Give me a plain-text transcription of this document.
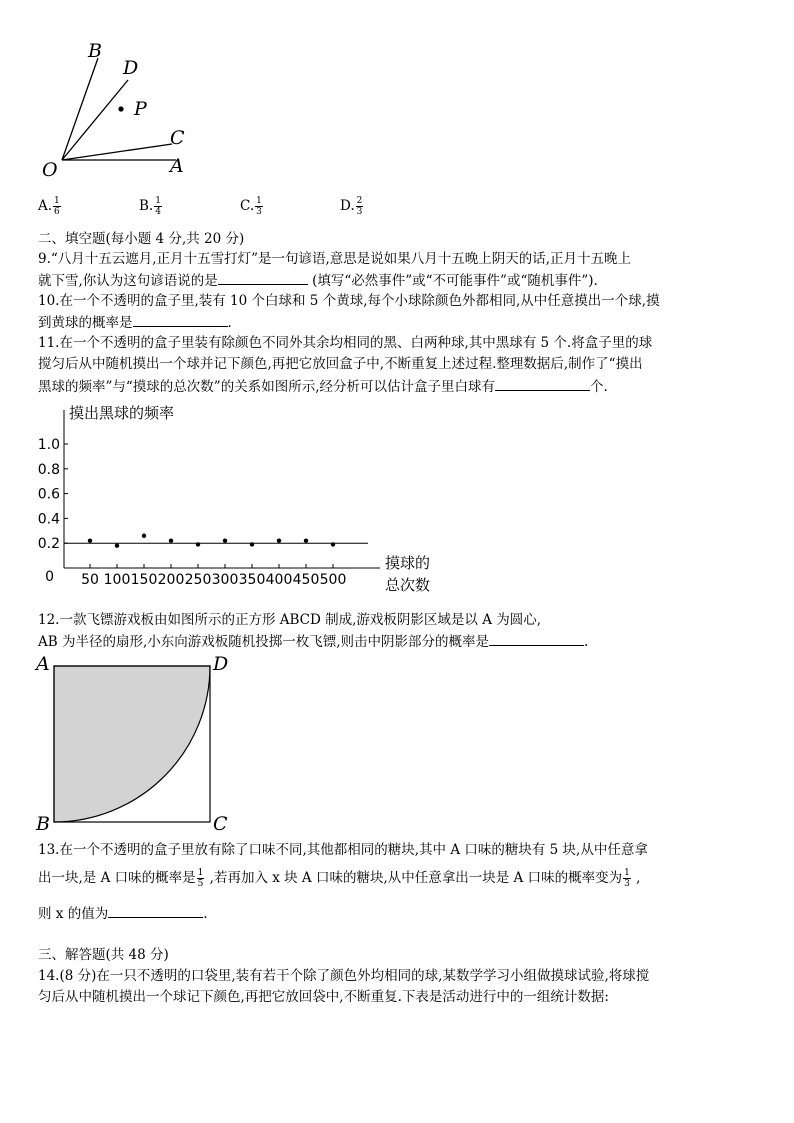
B
D
P
C
O	A
A. $\frac{1}{6}$	B. $\frac{1}{4}$	C. $\frac{1}{3}$	D. $\frac{2}{3}$
二、填空题(每小题 4 分,共 20 分)
9.“八月十五云遮月,正月十五雪打灯”是一句谚语,意思是说如果八月十五晚上阴天的话,正月十五晚上
就下雪,你认为这句谚语说的是	(填写“必然事件”或“不可能事件”或“随机事件”).
10.在一个不透明的盒子里,装有 10 个白球和 5 个黄球,每个小球除颜色外都相同,从中任意摸出一个球,摸
到黄球的概率是	.
11.在一个不透明的盒子里装有除颜色不同外其余均相同的黑、白两种球,其中黑球有 5 个.将盒子里的球
搅匀后从中随机摸出一个球并记下颜色,再把它放回盒子中,不断重复上述过程.整理数据后,制作了“摸出
黑球的频率”与“摸球的总次数”的关系如图所示,经分析可以估计盒子里白球有	个.
1.0
0.8
0.6
0.4
0.2
0 50 100 150 200 250 300 350 400 450 500
摸出黑球的频率
摸球的
总次数
12.一款飞镖游戏板由如图所示的正方形 ABCD 制成,游戏板阴影区域是以 A 为圆心,
AB 为半径的扇形,小东向游戏板随机投掷一枚飞镖,则击中阴影部分的概率是	.
A	D
B	C
13.在一个不透明的盒子里放有除了口味不同,其他都相同的糖块,其中 A 口味的糖块有 5 块,从中任意拿
出一块,是 A 口味的概率是 $\frac{1}{5}$ ,若再加入 x 块 A 口味的糖块,从中任意拿出一块是 A 口味的概率变为 $\frac{1}{3}$ ,
则 x 的值为	.
三、解答题(共 48 分)
14.(8 分)在一只不透明的口袋里,装有若干个除了颜色外均相同的球,某数学学习小组做摸球试验,将球搅
匀后从中随机摸出一个球记下颜色,再把它放回袋中,不断重复.下表是活动进行中的一组统计数据:
